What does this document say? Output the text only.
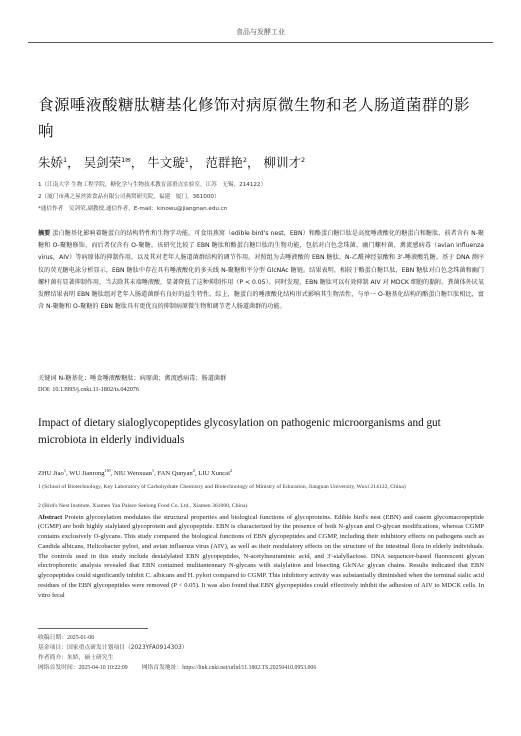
食品与发酵工业
食源唾液酸糖肽糖基化修饰对病原微生物和老人肠道菌群的影响
朱娇$^1$， 吴剑荣$^{1✉}$， 牛文璇$^1$， 范群艳$^2$， 柳训才$^2$
1（江南大学 生物工程学院，糖化学与生物技术教育部重点实验室，江苏　无锡，214122）
2（厦门市燕之屋丝浓食品有限公司燕窝研究院，福建　厦门，361000）
*通信作者　吴剑荣,副教授,通信作者，E-mail：kinowu@jiangnan.edu.cn
摘要 蛋白糖基化影响着糖蛋白的结构特性和生物学功能。可食用燕窝（edible bird's nest，EBN）和酪蛋白糖巨肽是高度唾液酸化的糖蛋白和糖肽，前者含有 N-聚糖和 O-聚糖修饰，而后者仅含有 O-聚糖。该研究比较了 EBN 糖肽和酪蛋白糖巨肽的生物功能，包括对白色念珠菌、幽门螺杆菌、禽流感病毒（avian influenza virus，AIV）等病原体的抑制作用，以及其对老年人肠道菌群结构的调节作用。对照组为去唾液酸的 EBN 糖肽、N-乙酰神经氨酸和 3'-唾液酸乳糖。基于 DNA 测序仪的荧光糖电泳分析显示，EBN 糖肽中存在具有唾液酸化的多天线 N-聚糖和平分型 GlcNAc 糖链。结果表明，相较于酪蛋白糖巨肽，EBN 糖肽对白色念珠菌和幽门螺杆菌有显著抑制作用，当去除其末端唾液酸，显著降低了这种抑制作用（P < 0.05）。同时发现，EBN 糖肽可以有效抑制 AIV 对 MDCK 细胞的黏附。粪菌体外厌氧发酵结果表明 EBN 糖肽组对老年人肠道菌群有良好的益生特性。综上，糖蛋白的唾液酸化结构形式影响其生物活性，与单一 O-糖基化结构的酪蛋白糖巨肽相比，富含 N-聚糖和 O-聚糖的 EBN 糖肽具有更优良的抑制病原微生物和调节老人肠道菌群的功能。
关键词 N-糖基化；唾食唾液酸糖肽；病原菌；禽流感病毒；肠道菌群
DOI: 10.13995/j.cnki.11-1802/ts.042076
Impact of dietary sialoglycopeptides glycosylation on pathogenic microorganisms and gut microbiota in elderly individuals
ZHU Jiao$^1$, WU Jianrong$^{1✉}$, NIU Wenxuan$^1$, FAN Qunyan$^2$, LIU Xuncai$^2$
1 (School of Biotechnology, Key Laboratory of Carbohydrate Chemistry and Biotechnology of Ministry of Education, Jiangnan University, Wuxi 214122, China)
2 (Bird's Nest Institute, Xiamen Yan Palace Seelong Food Co. Ltd., Xiamen 361000, China)
Abstract Protein glycosylation modulates the structural properties and biological functions of glycoproteins. Edible bird's nest (EBN) and casein glycomacropeptide (CGMP) are both highly sialylated glycoprotein and glycopeptide. EBN is characterized by the presence of both N-glycan and O-glycan modifications, whereas CGMP contains exclusively O-glycans. This study compared the biological functions of EBN glycopeptides and CGMP, including their inhibitory effects on pathogens such as Candida albicans, Helicobacter pylori, and avian influenza virus (AIV), as well as their modulatory effects on the structure of the intestinal flora in elderly individuals. The controls used in this study include desialylated EBN glycopeptides, N-acetylneuraminic acid, and 3'-sialyllactose. DNA sequencer-based fluorescent glycan electrophoretic analysis revealed that EBN contained multiantennary N-glycans with sialylation and bisecting GlcNAc glycan chains. Results indicated that EBN glycopeptides could significantly inhibit C. albicans and H. pylori compared to CGMP. This inhibitory activity was substantially diminished when the terminal sialic acid residues of the EBN glycopeptides were removed (P < 0.05). It was also found that EBN glycopeptides could effectively inhibit the adhesion of AIV to MDCK cells. In vitro fecal
收稿日期：2025-01-08
基金项目：国家重点研发计划项目（2023YFA0914303）
作者简介：朱娇，硕士研究生
网络首发时间：2025-04-10 10:22:09 网络首发地址：https://link.cnki.net/urlid/11.1802.TS.20250410.0953.006
